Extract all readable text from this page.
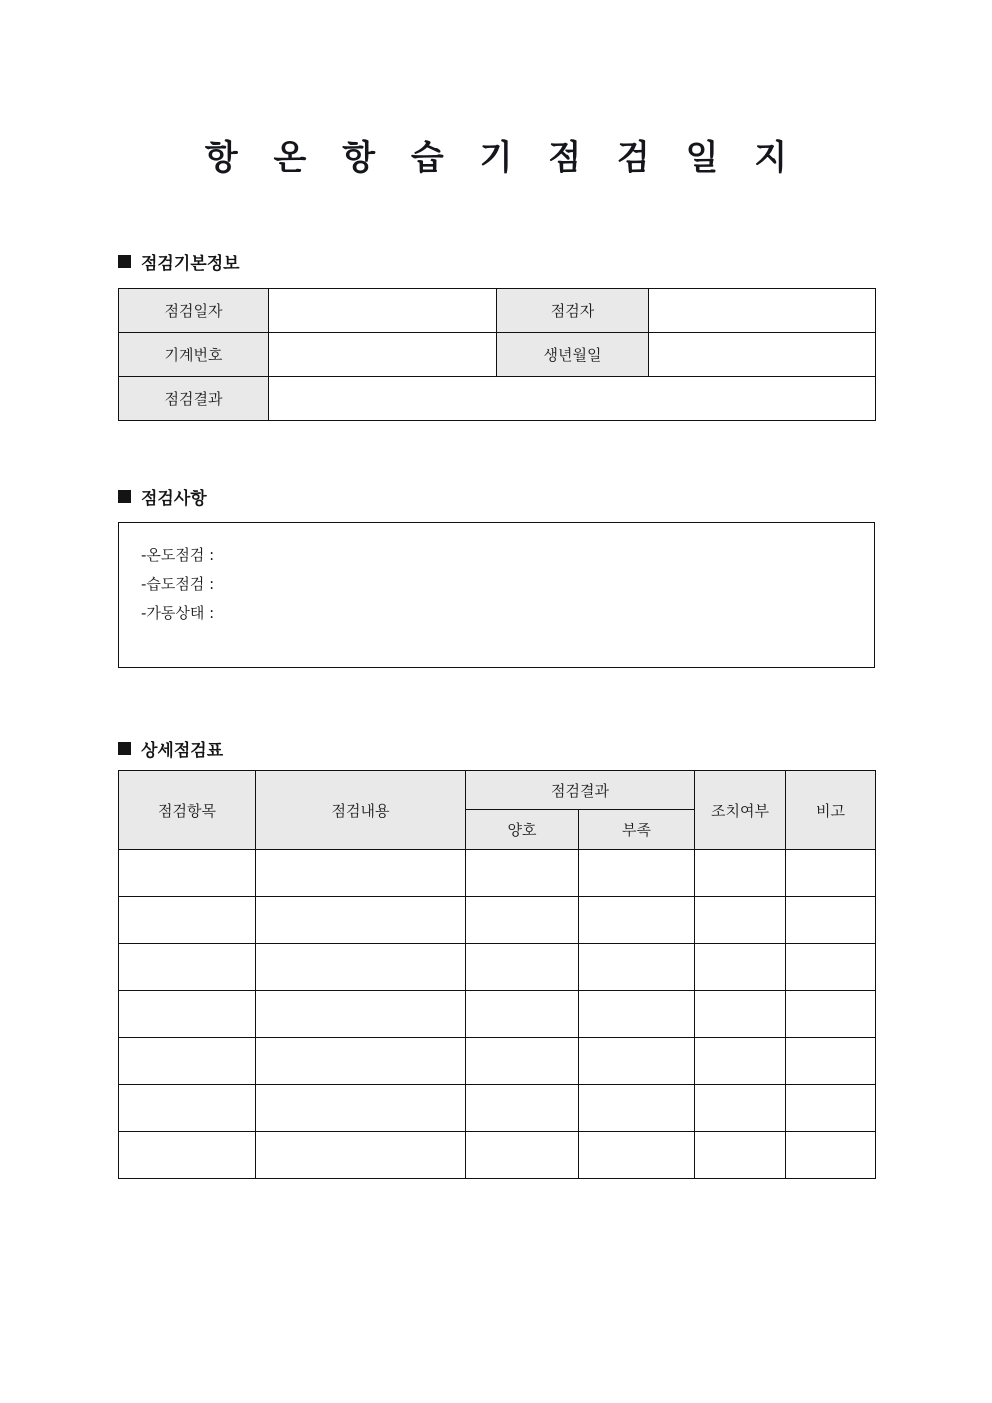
항 온 항 습 기 점 검 일 지
점검기본정보
점검일자		점검자	
기계번호		생년월일	
점검결과			
점검사항
-온도점검 :
-습도점검 :
-가동상태 :
상세점검표
점검항목	점검내용	점검결과		조치여부	비고
		양호	부족		
